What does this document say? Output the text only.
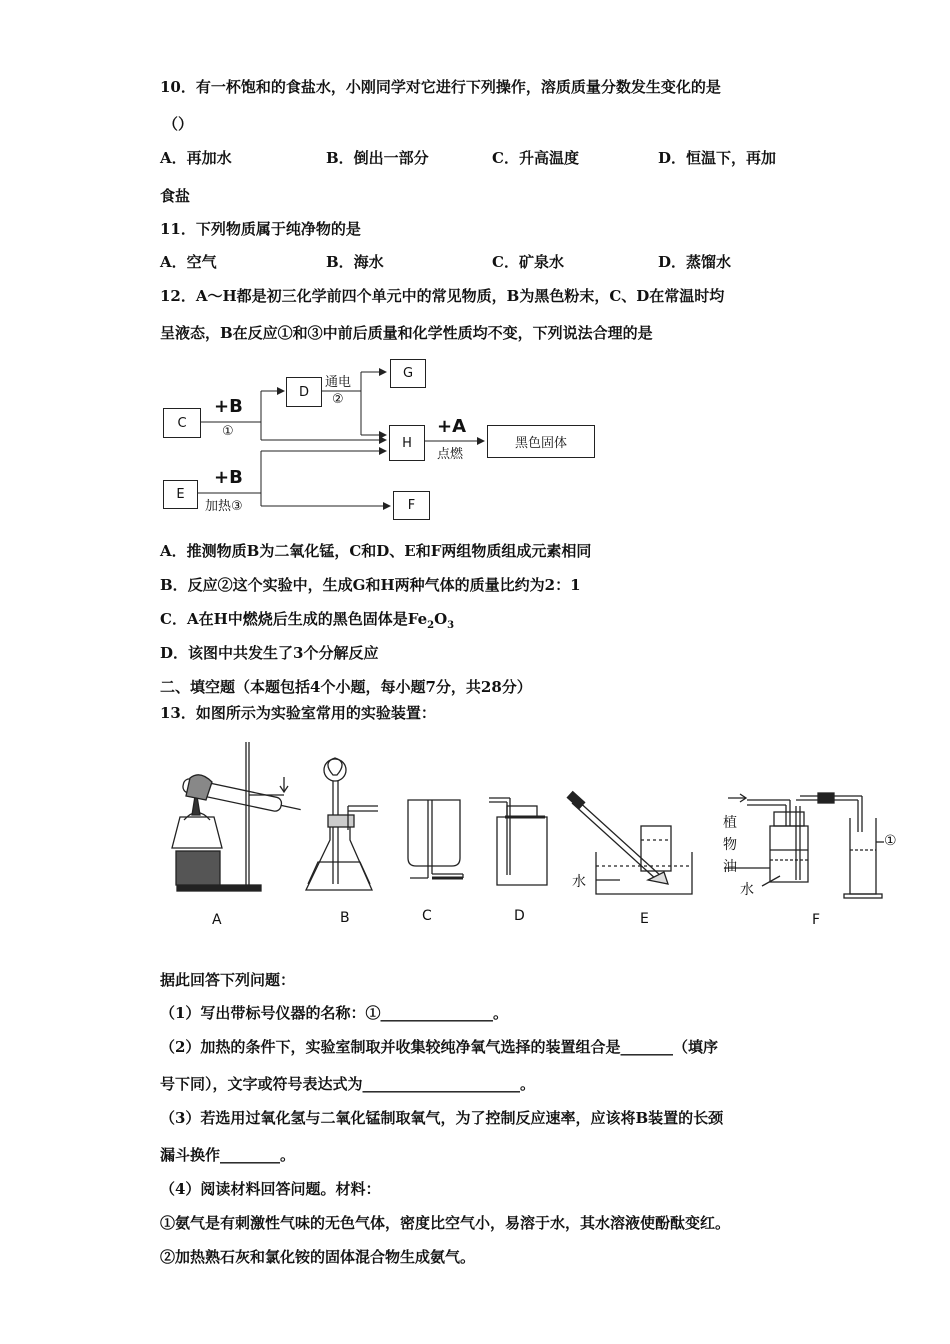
10．有一杯饱和的食盐水，小刚同学对它进行下列操作，溶质质量分数发生变化的是
（）
A．再加水	B．倒出一部分	C．升高温度	D．恒温下，再加
食盐
11．下列物质属于纯净物的是
A．空气	B．海水	C．矿泉水	D．蒸馏水
12．A～H都是初三化学前四个单元中的常见物质，B为黑色粉末，C、D在常温时均
呈液态，B在反应①和③中前后质量和化学性质均不变，下列说法合理的是
C
D
G
H	黑色固体
E
F
+B
①
通电
②
+A
点燃
+B
加热③
A．推测物质B为二氧化锰，C和D、E和F两组物质组成元素相同
B．反应②这个实验中，生成G和H两种气体的质量比约为2：1
C．A在H中燃烧后生成的黑色固体是$Fe_2O_3$
D．该图中共发生了3个分解反应
二、填空题（本题包括4个小题，每小题7分，共28分）
13．如图所示为实验室常用的实验装置：
A	B	C	D	E	F
水
植
物
油
水
①
据此回答下列问题：
（1）写出带标号仪器的名称：①_______________。
（2）加热的条件下，实验室制取并收集较纯净氧气选择的装置组合是_______（填序
号下同），文字或符号表达式为_____________________。
（3）若选用过氧化氢与二氧化锰制取氧气，为了控制反应速率，应该将B装置的长颈
漏斗换作________。
（4）阅读材料回答问题。材料：
①氨气是有刺激性气味的无色气体，密度比空气小，易溶于水，其水溶液使酚酞变红。
②加热熟石灰和氯化铵的固体混合物生成氨气。
